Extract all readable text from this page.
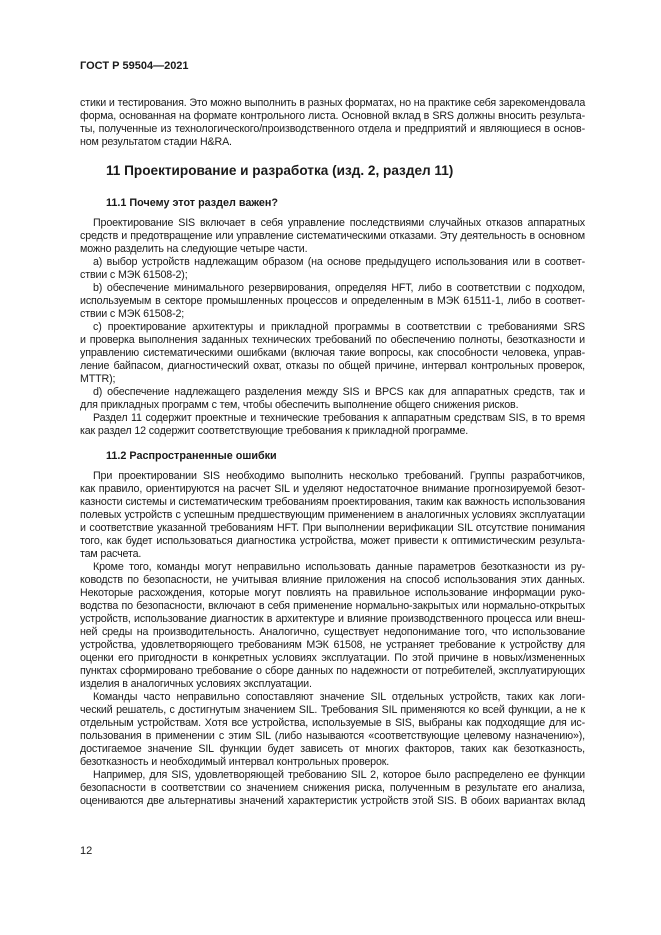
ГОСТ Р 59504—2021
стики и тестирования. Это можно выполнить в разных форматах, но на практике себя зарекомендовала
форма, основанная на формате контрольного листа. Основной вклад в SRS должны вносить результа-
ты, полученные из технологического/производственного отдела и предприятий и являющиеся в основ-
ном результатом стадии H&RA.
11 Проектирование и разработка (изд. 2, раздел 11)
11.1 Почему этот раздел важен?
Проектирование SIS включает в себя управление последствиями случайных отказов аппаратных
средств и предотвращение или управление систематическими отказами. Эту деятельность в основном
можно разделить на следующие четыре части.
a) выбор устройств надлежащим образом (на основе предыдущего использования или в соответ-
ствии с МЭК 61508-2);
b) обеспечение минимального резервирования, определяя HFT, либо в соответствии с подходом,
используемым в секторе промышленных процессов и определенным в МЭК 61511-1, либо в соответ-
ствии с МЭК 61508-2;
c) проектирование архитектуры и прикладной программы в соответствии с требованиями SRS
и проверка выполнения заданных технических требований по обеспечению полноты, безотказности и
управлению систематическими ошибками (включая такие вопросы, как способности человека, управ-
ление байпасом, диагностический охват, отказы по общей причине, интервал контрольных проверок,
MTTR);
d) обеспечение надлежащего разделения между SIS и BPCS как для аппаратных средств, так и
для прикладных программ с тем, чтобы обеспечить выполнение общего снижения рисков.
Раздел 11 содержит проектные и технические требования к аппаратным средствам SIS, в то время
как раздел 12 содержит соответствующие требования к прикладной программе.
11.2 Распространенные ошибки
При проектировании SIS необходимо выполнить несколько требований. Группы разработчиков,
как правило, ориентируются на расчет SIL и уделяют недостаточное внимание прогнозируемой безот-
казности системы и систематическим требованиям проектирования, таким как важность использования
полевых устройств с успешным предшествующим применением в аналогичных условиях эксплуатации
и соответствие указанной требованиям HFT. При выполнении верификации SIL отсутствие понимания
того, как будет использоваться диагностика устройства, может привести к оптимистическим результа-
там расчета.
Кроме того, команды могут неправильно использовать данные параметров безотказности из ру-
ководств по безопасности, не учитывая влияние приложения на способ использования этих данных.
Некоторые расхождения, которые могут повлиять на правильное использование информации руко-
водства по безопасности, включают в себя применение нормально-закрытых или нормально-открытых
устройств, использование диагностик в архитектуре и влияние производственного процесса или внеш-
ней среды на производительность. Аналогично, существует недопонимание того, что использование
устройства, удовлетворяющего требованиям МЭК 61508, не устраняет требование к устройству для
оценки его пригодности в конкретных условиях эксплуатации. По этой причине в новых/измененных
пунктах сформировано требование о сборе данных по надежности от потребителей, эксплуатирующих
изделия в аналогичных условиях эксплуатации.
Команды часто неправильно сопоставляют значение SIL отдельных устройств, таких как логи-
ческий решатель, с достигнутым значением SIL. Требования SIL применяются ко всей функции, а не к
отдельным устройствам. Хотя все устройства, используемые в SIS, выбраны как подходящие для ис-
пользования в применении с этим SIL (либо называются «соответствующие целевому назначению»),
достигаемое значение SIL функции будет зависеть от многих факторов, таких как безотказность,
безотказность и необходимый интервал контрольных проверок.
Например, для SIS, удовлетворяющей требованию SIL 2, которое было распределено ее функции
безопасности в соответствии со значением снижения риска, полученным в результате его анализа,
оцениваются две альтернативы значений характеристик устройств этой SIS. В обоих вариантах вклад
12
